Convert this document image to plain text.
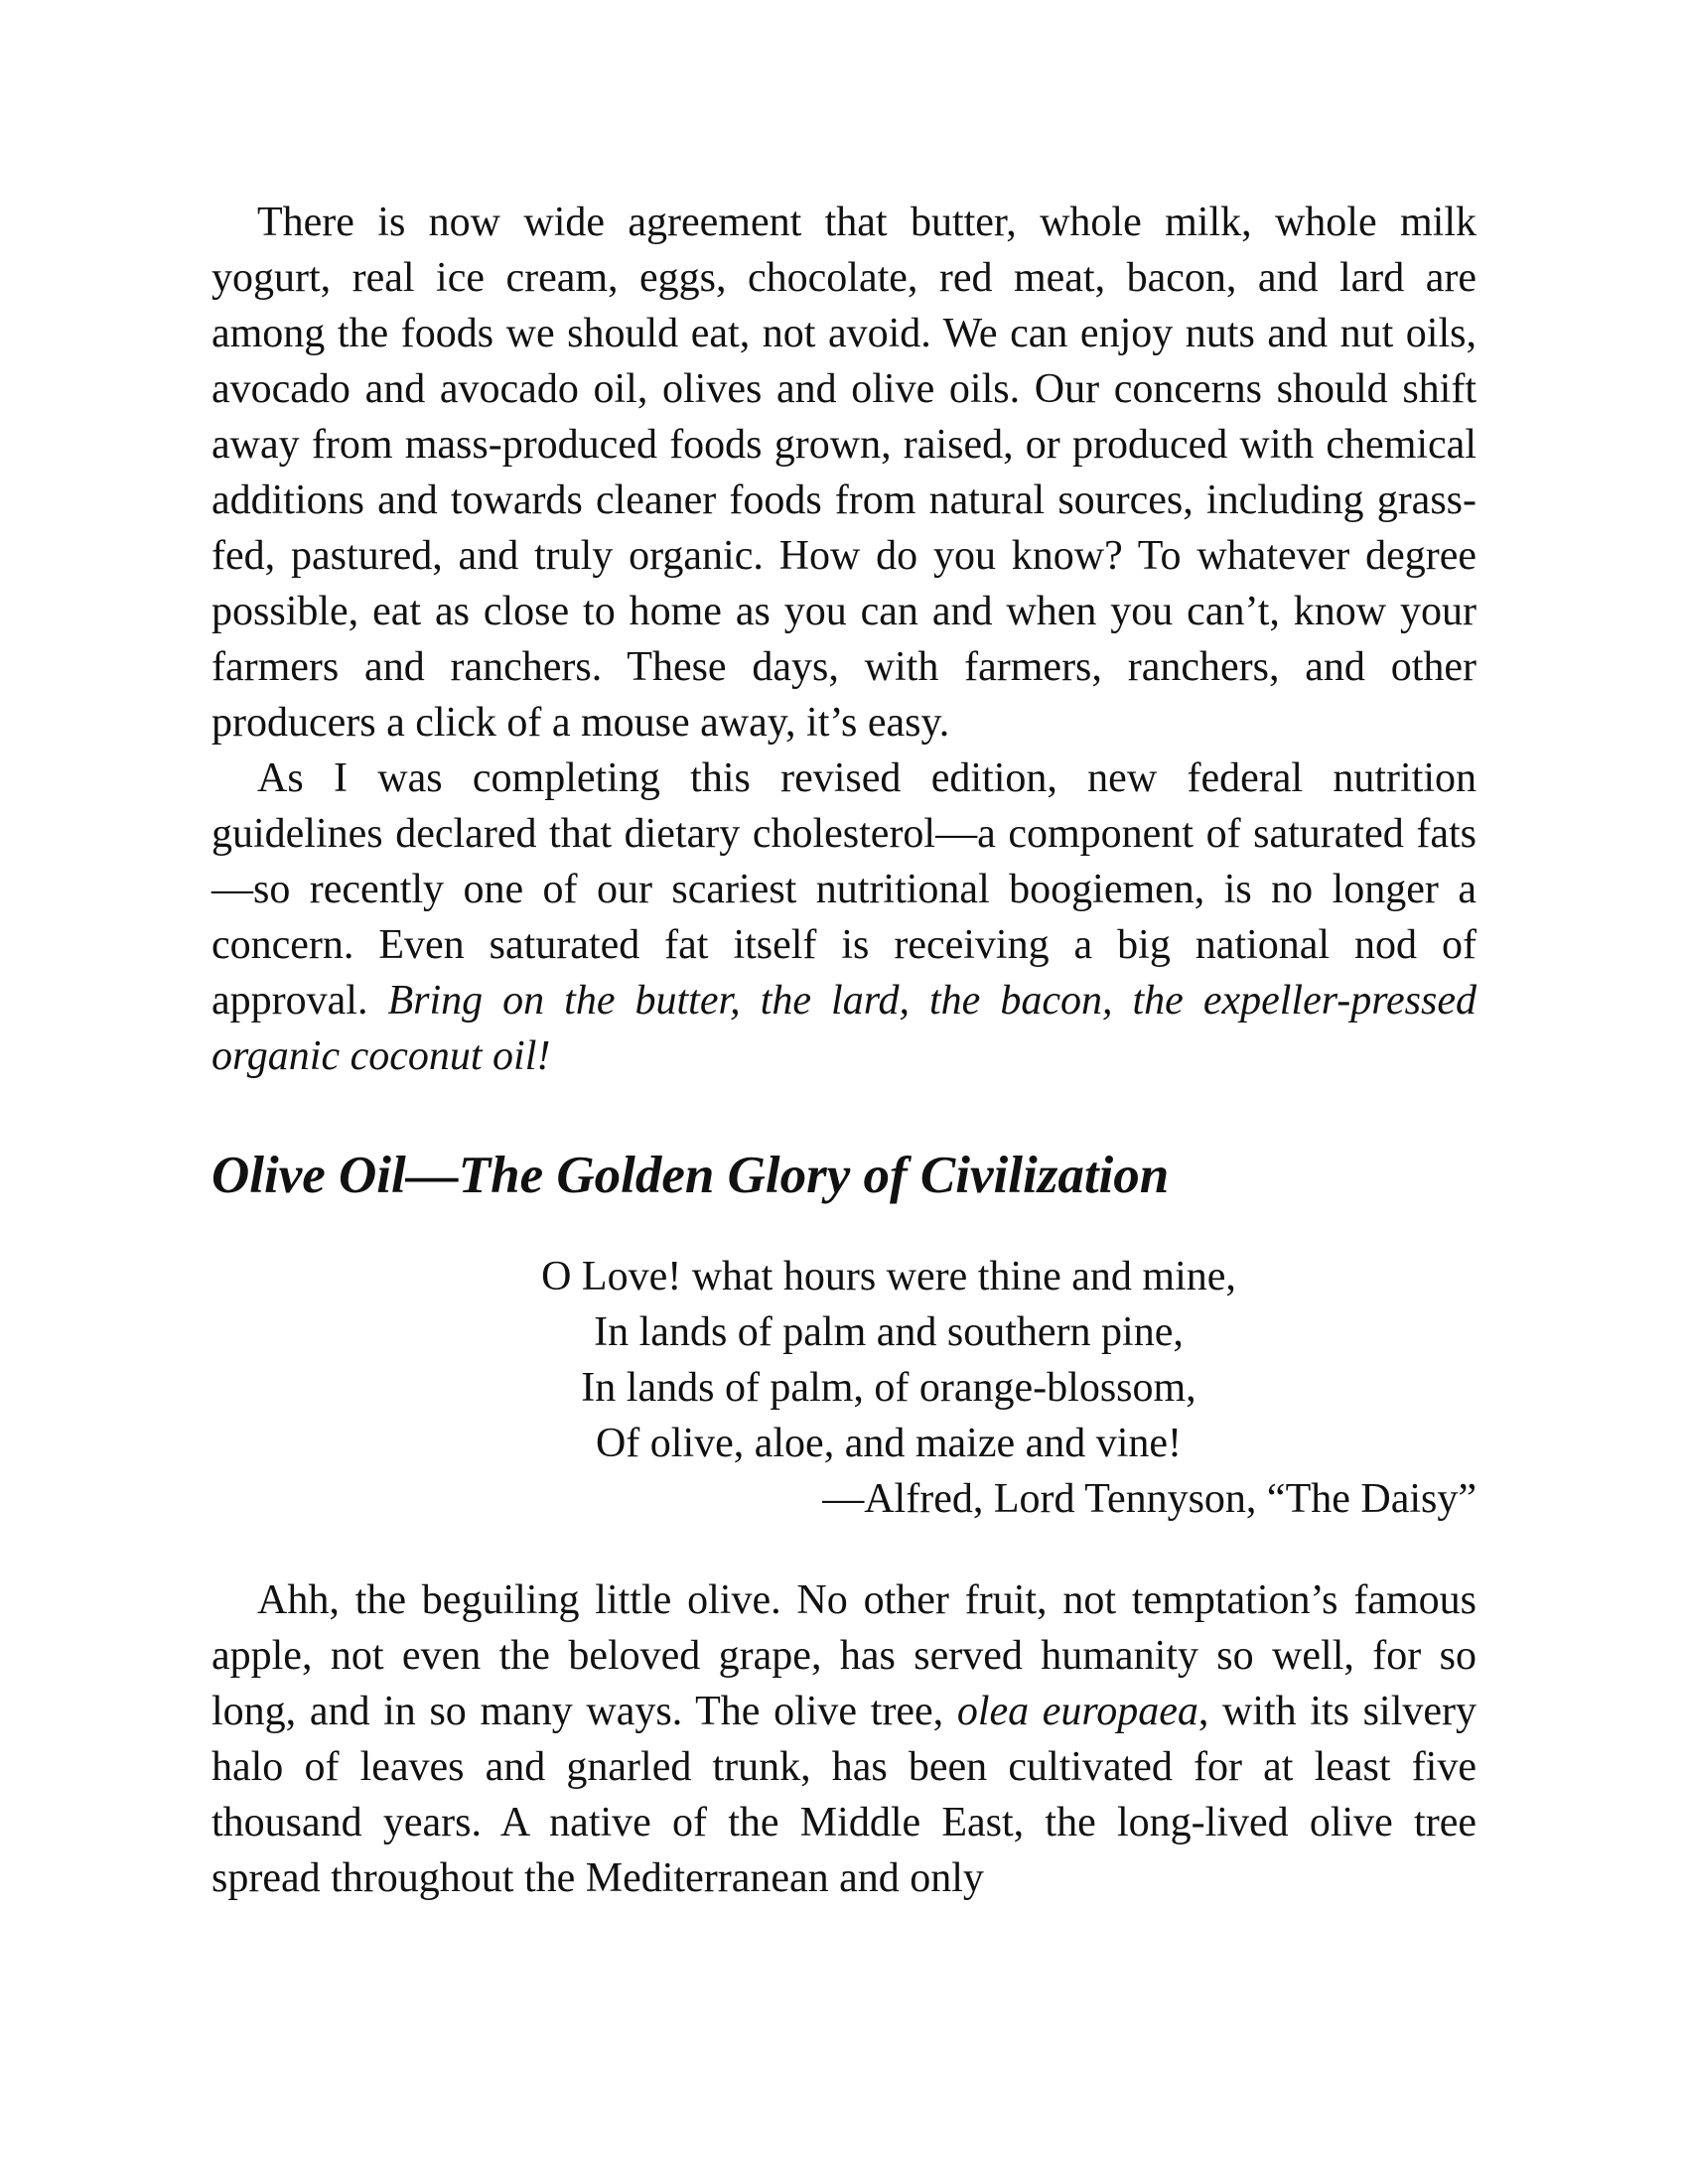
There is now wide agreement that butter, whole milk, whole milk yogurt, real ice cream, eggs, chocolate, red meat, bacon, and lard are among the foods we should eat, not avoid. We can enjoy nuts and nut oils, avocado and avocado oil, olives and olive oils. Our concerns should shift away from mass-produced foods grown, raised, or produced with chemical additions and towards cleaner foods from natural sources, including grass-fed, pastured, and truly organic. How do you know? To whatever degree possible, eat as close to home as you can and when you can’t, know your farmers and ranchers. These days, with farmers, ranchers, and other producers a click of a mouse away, it’s easy.

As I was completing this revised edition, new federal nutrition guidelines declared that dietary cholesterol—a component of saturated fats—so recently one of our scariest nutritional boogiemen, is no longer a concern. Even saturated fat itself is receiving a big national nod of approval. Bring on the butter, the lard, the bacon, the expeller-pressed organic coconut oil!

Olive Oil—The Golden Glory of Civilization
O Love! what hours were thine and mine,
In lands of palm and southern pine,
In lands of palm, of orange-blossom,
Of olive, aloe, and maize and vine!
—Alfred, Lord Tennyson, “The Daisy”

Ahh, the beguiling little olive. No other fruit, not temptation’s famous apple, not even the beloved grape, has served humanity so well, for so long, and in so many ways. The olive tree, olea europaea, with its silvery halo of leaves and gnarled trunk, has been cultivated for at least five thousand years. A native of the Middle East, the long-lived olive tree spread throughout the Mediterranean and only
